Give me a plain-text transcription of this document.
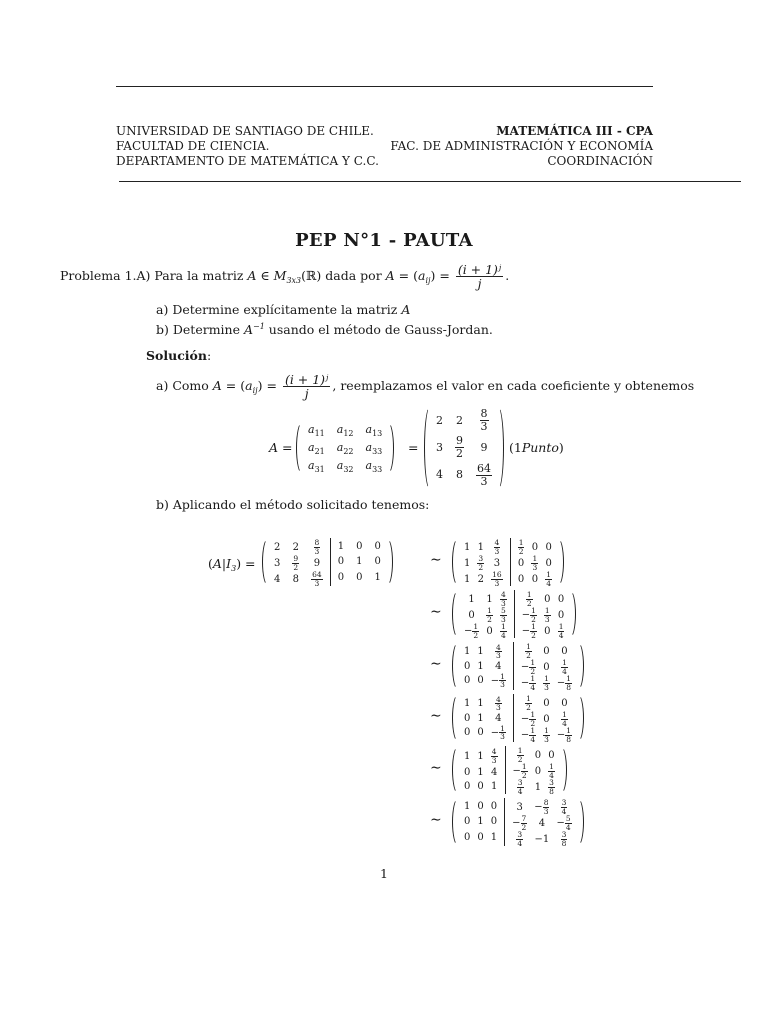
UNIVERSIDAD DE SANTIAGO DE CHILE.
FACULTAD DE CIENCIA.
DEPARTAMENTO DE MATEMÁTICA Y C.C.
MATEMÁTICA III - CPA
FAC. DE ADMINISTRACIÓN Y ECONOMÍA
COORDINACIÓN
PEP N°1 - PAUTA
Problema 1.A) Para la matriz A ∈ $M_{3x3}(ℝ)$ dada por $A = (a_{ij}) = \frac{\text{(i + 1)ʲ}}{j}$ .
a) Determine explícitamente la matriz A
b) Determine $A^{-1}$ usando el método de Gauss-Jordan.
Solución:
a) Como $A = (a_{ij}) = \frac{\text{(i + 1)ʲ}}{j}$ , reemplazamos el valor en cada coeficiente y obtenemos
A =
$a_{11}$ $a_{12}$ $a_{13}$
$a_{21}$ $a_{22}$ $a_{33}$
$a_{31}$ $a_{32}$ $a_{33}$
=
2 $2 \frac{8}{3}$
$3 \frac{9}{2} 9$
4 $8 \frac{64}{3}$
(1Punto)
b) Aplicando el método solicitado tenemos:
$(A|I_3)$ =
2 $2 \frac{8}{3}$
$3 \frac{9}{2} 9$
4 $8 \frac{64}{3}$
1 0 0
0 1 0
0 0 1
1 $1 \frac{4}{3}$
$1 \frac{3}{2} 3$
1 $2 \frac{16}{3}$
$\frac{1}{2} 0$ 0
$0 \frac{1}{3} 0$
0 $0 \frac{1}{4}$
∼
1 $1 \frac{4}{3}$
$0 \frac{1}{2} \frac{5}{3}$
− $\frac{1}{2} 0 \frac{1}{4}$
$\frac{1}{2} 0$ 0
− $\frac{1}{2} \frac{1}{3} 0$
− $\frac{1}{2} 0 \frac{1}{4}$
∼
1 $1 \frac{4}{3}$
0 1 4
0 $0 - \frac{1}{3}$
$\frac{1}{2} 0$ 0
− $\frac{1}{2} 0 \frac{1}{4}$
− $\frac{1}{4} \frac{1}{3} - \frac{1}{8}$
∼
1 $1 \frac{4}{3}$
0 1 4
0 $0 - \frac{1}{3}$
$\frac{1}{2} 0$ 0
− $\frac{1}{2} 0 \frac{1}{4}$
− $\frac{1}{4} \frac{1}{3} - \frac{1}{8}$
∼
1 $1 \frac{4}{3}$
0 1 4
0 0 1
$\frac{1}{2} 0$ 0
− $\frac{1}{2} 0 \frac{1}{4}$
$\frac{3}{4} 1 \frac{3}{8}$
∼
1 0 0
0 1 0
0 0 1
$3 - \frac{8}{3} \frac{3}{4}$
− $\frac{7}{2} 4 - \frac{5}{4}$
$\frac{3}{4} -1 \frac{3}{8}$
∼
1
